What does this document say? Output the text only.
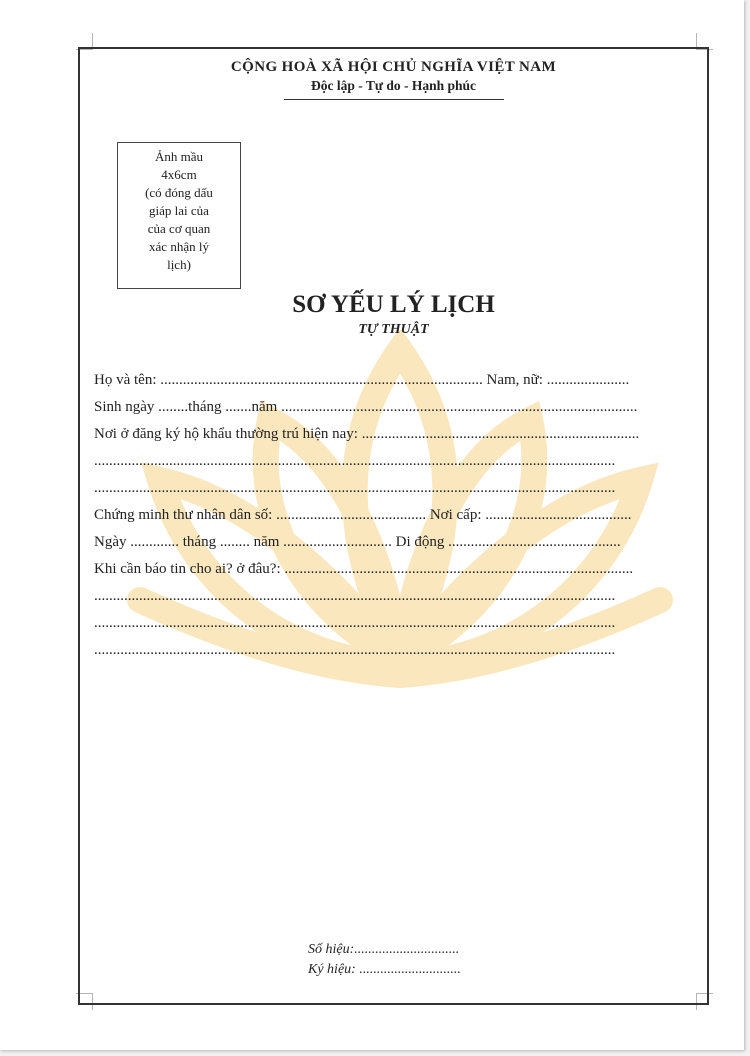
CỘNG HOÀ XÃ HỘI CHỦ NGHĨA VIỆT NAM
Độc lập - Tự do - Hạnh phúc
Ảnh mầu
4x6cm
(có đóng dấu
giáp lai của
của cơ quan
xác nhận lý
lịch)
SƠ YẾU LÝ LỊCH
TỰ THUẬT
Họ và tên: ...................................................................................... Nam, nữ: ......................
Sinh ngày ........tháng .......năm ...............................................................................................
Nơi ở đăng ký hộ khẩu thường trú hiện nay: ..........................................................................
...........................................................................................................................................
...........................................................................................................................................
Chứng minh thư nhân dân số: ........................................ Nơi cấp: .......................................
Ngày ............. tháng ........ năm ............................. Di động ..............................................
Khi cần báo tin cho ai? ở đâu?: .............................................................................................
...........................................................................................................................................
...........................................................................................................................................
...........................................................................................................................................
Số hiệu:..............................
Ký hiệu: .............................
